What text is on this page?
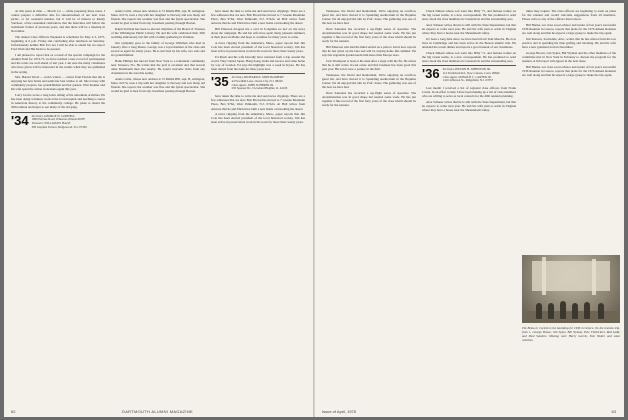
At this point in time — March 1st — while preparing these notes, I cannot prepare a definitive date for announcement of our next class picnic, or for weekend reunion, but it will be of interest to Randy Vorrhees, of the centennial celebration, that the festivities will follow the traditional format of previous years, and that there will be a meeting in November.

The annual Class Officers Weekend is scheduled for May 2-3, 1975, beginning at 6 p.m. Friday and concluding after luncheon on Saturday. Unfortunately neither Bob Fox nor I will be able to attend but we expect Fred Ward and Hal Dean to be present.

I am pleased to report that as a result of the special campaign for the Alumni Fund for 1974-75, we have reached a new record of participation and the totals are well ahead of last year. I am sure the many classmates who have given will be interested in the results when they are published in the spring.

Mrs. Harriet Wood — Jack's widow — writes from Florida that she is enjoying her new home and sends her best wishes to all. She is busy with community projects, her grandchildren and her garden. Walt Kramer and his wife spent the winter in Arizona again this year.

Larry Jacobs wrote a long letter telling of his retirement activities. He has been doing volunteer work at the local hospital and teaching a course in American history at the community college. He plans to attend the 50th reunion and hopes to see many of the old gang.

'34 Secretary, GEORGE W. CONNELL
1860 Parvine Road, Wheaton, Illinois 60187
Treasurer, WILLIAM H. HAGE
300 Grayden Terrace, Ridgewood, N.J. 07450

Adele Collis, whose new address is 72 Riddle Hill, Apt. B, Arlington, Mass. 02174, took a trip with her daughter to Norway and saw many old friends. She reports the weather was fine and the fjords spectacular. She would be glad to hear from any classmate passing through Boston.

Ralph Sullivan has been re-elected chairman of the Board of Trustees of the Wilmington Public Library. He and his wife celebrated their 45th wedding anniversary last fall with a family gathering in Vermont.

Our sympathy goes to the family of George Whitman who died in January after a long illness. George was a loyal member of the class and served as agent for many years. He is survived by his wife, two sons and six grandchildren.

Hank Phillips has moved from New York to a retirement community near Sarasota, Fla. He writes that the golf is excellent and that several other Dartmouth men live nearby. He would welcome visits from any classmates in the area this spring.

Adele Collis, whose new address is 72 Riddle Hill, Apt. B, Arlington, Mass. 02174, took a trip with her daughter to Norway and saw many old friends. She reports the weather was fine and the fjords spectacular. She would be glad to hear from any classmate passing through Boston.

have taken the time to write me and send news clippings. There are a few addresses that are new. Bob Brown has moved to 7 Greene Mountain Place, Box 9764, West Palmouth, N.J. 07424. Al Hall writes from Arizona that he and Ellen have built a new home overlooking the desert.

Bill Emerson dropped me a card in 'Longlines no not' on my news about the campaign. He and his wife have spent many pleasant summers at their place in Maine and hope to continue for many years to come.

A news clipping from the Amesbury, Mass., paper reports that Jim Cole has been elected president of the local historical society. Jim has been active in preservation work in the town for more than twenty years.

Ed Mack and his wife Dorothy have returned from a trip around the world. They visited Japan, Hong Kong, India and Greece and came home by way of London. Ed says the highlight was a week in Kyoto. He has been retired from the bank for three years now.

'35 Secretary, RICHARD K. MONTGOMERY
44 Woodhill Lane, Ocean City, N.J. 08226
Class Agent, JOHN SCHERER JR.
250 Spenser Dr., Cleveland Heights, O. 44106

have taken the time to write me and send news clippings. There are a few addresses that are new. Bob Brown has moved to 7 Greene Mountain Place, Box 9764, West Palmouth, N.J. 07424. Al Hall writes from Arizona that he and Ellen have built a new home overlooking the desert.

A news clipping from the Amesbury, Mass., paper reports that Jim Cole has been elected president of the local historical society. Jim has been active in preservation work in the town for more than twenty years.

62	DARTMOUTH ALUMNI MAGAZINE

Tennessee, the World and Retirement. We're enjoying an overflow guest list, and have moved it to Spaulding Auditorium in the Hopkins Center. We all enjoyed the talk by Prof. Jones. The gathering was one of the best we have had.

Dave Saunders has recorded a top-flight series of speeches. The documentation was in good shape but needed some work. He has put together a fine record of the first forty years of the class which should be ready for the reunion.

Bill Emerson who had his mind settled on a plan to travel now reports that he has given up the idea and will be staying home this summer. He says his vegetable garden needs him more than Europe does.

Jack Thompson is back at his desk after a siege with the flu. He writes that he is still active in real estate and that business has been good this past year. His son is now a partner in the firm.

Tennessee, the World and Retirement. We're enjoying an overflow guest list, and have moved it to Spaulding Auditorium in the Hopkins Center. We all enjoyed the talk by Prof. Jones. The gathering was one of the best we have had.

Dave Saunders has recorded a top-flight series of speeches. The documentation was in good shape but needed some work. He has put together a fine record of the first forty years of the class which should be ready for the reunion.

Chuck Dineen whose son went into Billy '71, and famous trainer on the big Green teams, is a new correspondent. He has promised to send news about the class members in Connecticut and the surrounding area.

Alex Schueer writes that he is still with the State Department, but that he expects to retire next year. He and his wife plan to settle in Virginia where they have a house near the Shenandoah valley.

It's been a long time since we have heard from Tom Marolis. He now lives in Cambridge and has been active in the Boston alumni club. He attended the recent dinner and reports a good turnout of our classmates.

Chuck Dineen whose son went into Billy '71, and famous trainer on the big Green teams, is a new correspondent. He has promised to send news about the class members in Connecticut and the surrounding area.

'36 Secretary, HILTON H. JOHNSTON JR.
114 Turtleback Rd., New Canaan, Conn. 06840
Class Agent, DONALD C. CARTER JR.
1410 Jefferson St., Ridgefield, N.J. 07657

Last month I received a list of regional class officers from Frank Currie. In an effort to help I have been making up a list of class members who are willing to serve as local contacts for the 40th reunion planning.

Alex Schueer writes that he is still with the State Department, but that he expects to retire next year. He and his wife plan to settle in Virginia where they have a house near the Shenandoah valley.

times may require. The class officers are beginning to work on plans for the reunion and would welcome suggestions from all members. Please write to any of the officers listed above.

Bill Hanna, our class scout advisor and leader of last year's successful 1936 Reunion in Greece, reports that plans for the 1976 Athens Reunion are well along and that he expects a large group to make the trip again.

Jim Pearson, Scottsdale, Ariz., writes that he has retired from his law practice and is spending his time golfing and traveling. He and his wife have a new grandson born in December.

George Brown, Gib Sykes, Bill Wyman and the other members of the committee met in New York in February to discuss the program for the reunion. A full report will appear in the next issue.

Bill Hanna, our class scout advisor and leader of last year's successful 1936 Reunion in Greece, reports that plans for the 1976 Athens Reunion are well along and that he expects a large group to make the trip again.

The Bema in Corinth is the backdrop for 1936 in Greece. On the reunion trip, from l., George Brown, Gib Sykes, Bill Wyman, Pete Fitzherbert, Rod Ladd, and Paul Sanders. Missing were Harry Garvin, Tom Walter and some relatives.
Issue of April, 1975	63
